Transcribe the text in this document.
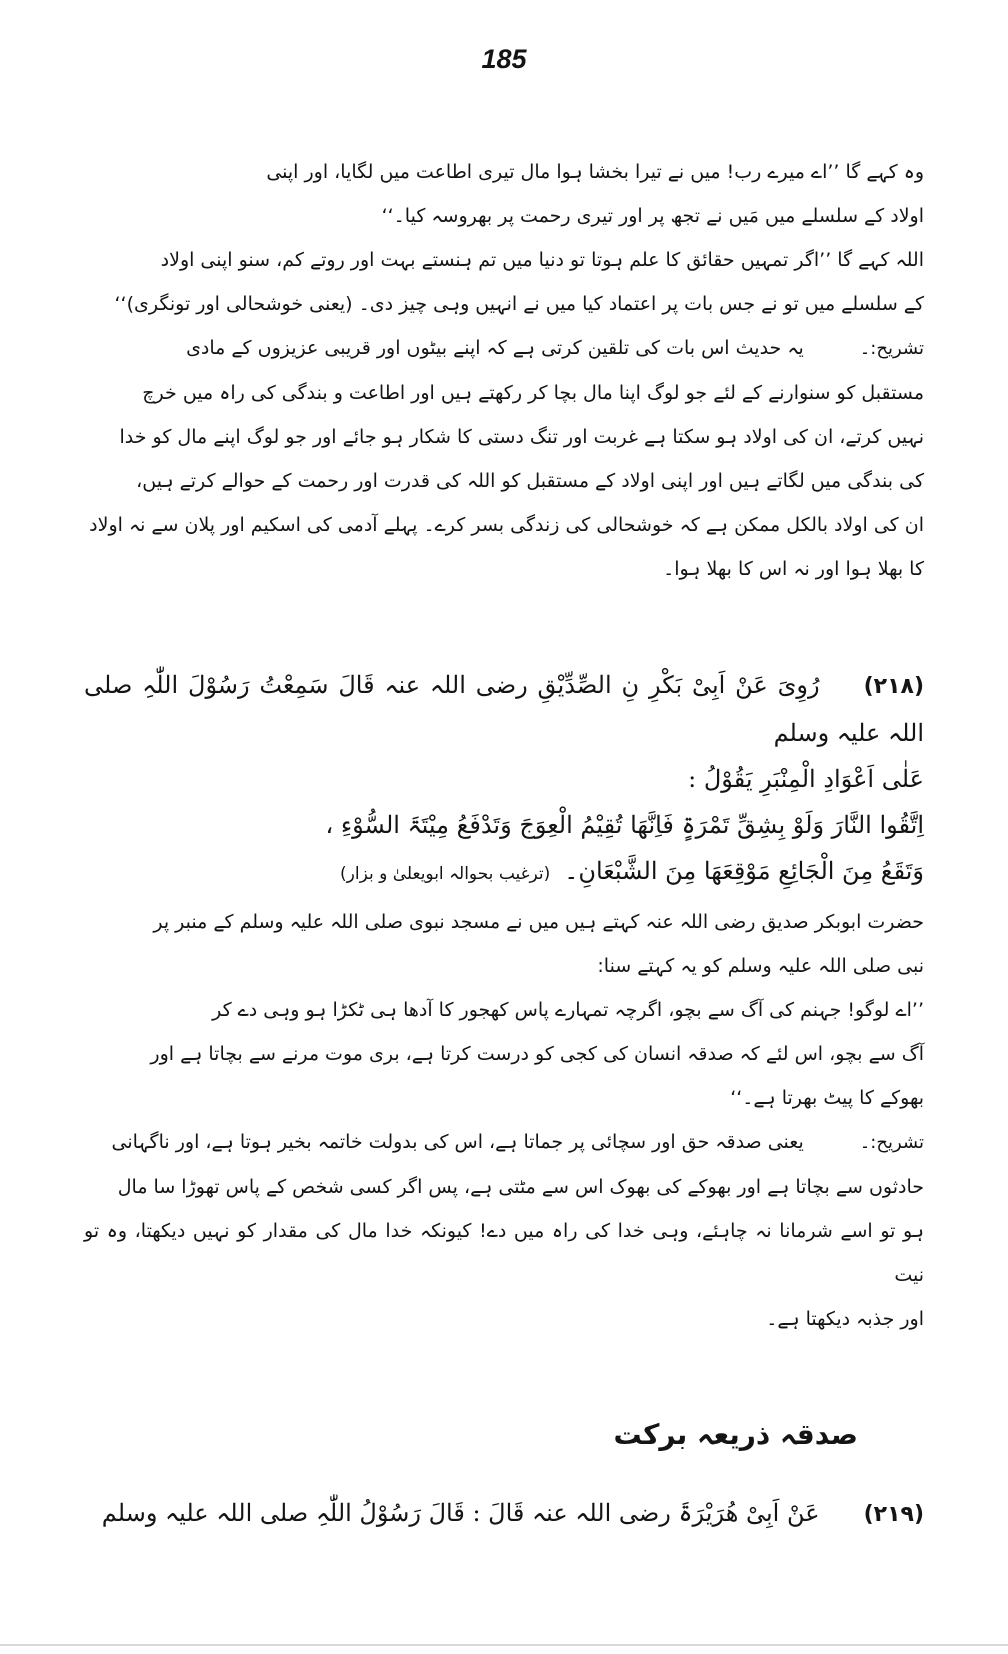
185

وہ کہے گا ’’اے میرے رب! میں نے تیرا بخشا ہوا مال تیری اطاعت میں لگایا، اور اپنی

اولاد کے سلسلے میں مَیں نے تجھ پر اور تیری رحمت پر بھروسہ کیا۔‘‘

اللہ کہے گا ’’اگر تمہیں حقائق کا علم ہوتا تو دنیا میں تم ہنستے بہت اور روتے کم، سنو اپنی اولاد

کے سلسلے میں تو نے جس بات پر اعتماد کیا میں نے انہیں وہی چیز دی۔ (یعنی خوشحالی اور تونگری)‘‘

تشریح:۔یہ حدیث اس بات کی تلقین کرتی ہے کہ اپنے بیٹوں اور قریبی عزیزوں کے مادی

مستقبل کو سنوارنے کے لئے جو لوگ اپنا مال بچا کر رکھتے ہیں اور اطاعت و بندگی کی راہ میں خرچ

نہیں کرتے، ان کی اولاد ہو سکتا ہے غربت اور تنگ دستی کا شکار ہو جائے اور جو لوگ اپنے مال کو خدا

کی بندگی میں لگاتے ہیں اور اپنی اولاد کے مستقبل کو اللہ کی قدرت اور رحمت کے حوالے کرتے ہیں،

ان کی اولاد بالکل ممکن ہے کہ خوشحالی کی زندگی بسر کرے۔ پہلے آدمی کی اسکیم اور پلان سے نہ اولاد

کا بھلا ہوا اور نہ اس کا بھلا ہوا۔

(۲۱۸)رُوِیَ عَنْ اَبِیْ بَکْرِ نِ الصِّدِّیْقِ رضی اللہ عنہ قَالَ سَمِعْتُ رَسُوْلَ اللّٰہِ صلی اللہ علیہ وسلم

عَلٰی اَعْوَادِ الْمِنْبَرِ یَقُوْلُ :

اِتَّقُوا النَّارَ وَلَوْ بِشِقِّ تَمْرَۃٍ فَاِنَّھَا تُقِیْمُ الْعِوَجَ وَتَدْفَعُ مِیْتَۃَ السُّوْءِ ،

وَتَقَعُ مِنَ الْجَائِعِ مَوْقِعَھَا مِنَ الشَّبْعَانِ۔(ترغیب بحوالہ ابویعلیٰ و بزار)

حضرت ابوبکر صدیق رضی اللہ عنہ کہتے ہیں میں نے مسجد نبوی صلی اللہ علیہ وسلم کے منبر پر

نبی صلی اللہ علیہ وسلم کو یہ کہتے سنا:

’’اے لوگو! جہنم کی آگ سے بچو، اگرچہ تمہارے پاس کھجور کا آدھا ہی ٹکڑا ہو وہی دے کر

آگ سے بچو، اس لئے کہ صدقہ انسان کی کجی کو درست کرتا ہے، بری موت مرنے سے بچاتا ہے اور

بھوکے کا پیٹ بھرتا ہے۔‘‘

تشریح:۔یعنی صدقہ حق اور سچائی پر جماتا ہے، اس کی بدولت خاتمہ بخیر ہوتا ہے، اور ناگہانی

حادثوں سے بچاتا ہے اور بھوکے کی بھوک اس سے مٹتی ہے، پس اگر کسی شخص کے پاس تھوڑا سا مال

ہو تو اسے شرمانا نہ چاہئے، وہی خدا کی راہ میں دے! کیونکہ خدا مال کی مقدار کو نہیں دیکھتا، وہ تو نیت

اور جذبہ دیکھتا ہے۔

صدقہ ذریعہ برکت

(۲۱۹)عَنْ اَبِیْ ھُرَیْرَۃَ رضی اللہ عنہ قَالَ : قَالَ رَسُوْلُ اللّٰہِ صلی اللہ علیہ وسلم
